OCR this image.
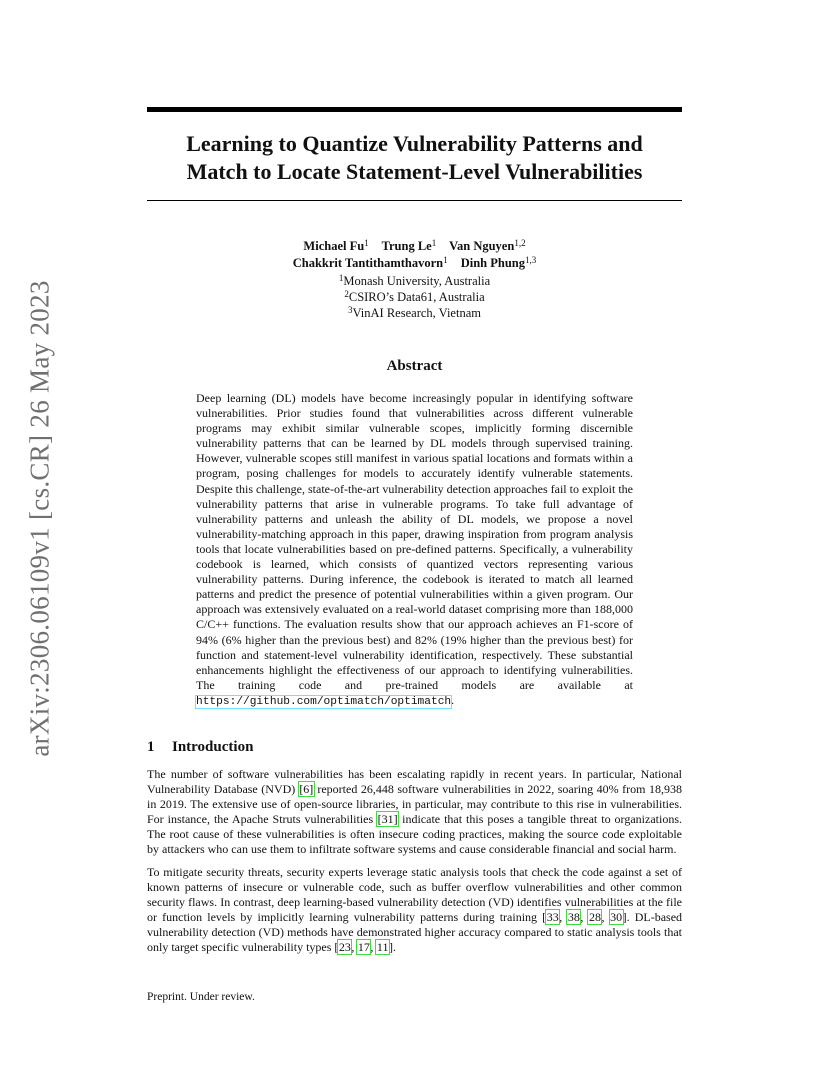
arXiv:2306.06109v1 [cs.CR] 26 May 2023
Learning to Quantize Vulnerability Patterns and
Match to Locate Statement-Level Vulnerabilities
Michael Fu$^1$ Trung Le$^1$ Van Nguyen$^{1,2}$
Chakkrit Tantithamthavorn$^1$ Dinh Phung$^{1,3}$
$^1$Monash University, Australia
$^2$CSIRO’s Data61, Australia
$^3$VinAI Research, Vietnam
Abstract

Deep learning (DL) models have become increasingly popular in identifying software vulnerabilities. Prior studies found that vulnerabilities across different vulnerable programs may exhibit similar vulnerable scopes, implicitly forming discernible vulnerability patterns that can be learned by DL models through supervised training. However, vulnerable scopes still manifest in various spatial locations and formats within a program, posing challenges for models to accurately identify vulnerable statements. Despite this challenge, state-of-the-art vulnerability detection approaches fail to exploit the vulnerability patterns that arise in vulnerable programs. To take full advantage of vulnerability patterns and unleash the ability of DL models, we propose a novel vulnerability-matching approach in this paper, drawing inspiration from program analysis tools that locate vulnerabilities based on pre-defined patterns. Specifically, a vulnerability codebook is learned, which consists of quantized vectors representing various vulnerability patterns. During inference, the codebook is iterated to match all learned patterns and predict the presence of potential vulnerabilities within a given program. Our approach was extensively evaluated on a real-world dataset comprising more than 188,000 C/C++ functions. The evaluation results show that our approach achieves an F1-score of 94% (6% higher than the previous best) and 82% (19% higher than the previous best) for function and statement-level vulnerability identification, respectively. These substantial enhancements highlight the effectiveness of our approach to identifying vulnerabilities. The training code and pre-trained models are available at https://github.com/optimatch/optimatch.

1 Introduction

The number of software vulnerabilities has been escalating rapidly in recent years. In particular, National Vulnerability Database (NVD) [6] reported 26,448 software vulnerabilities in 2022, soaring 40% from 18,938 in 2019. The extensive use of open-source libraries, in particular, may contribute to this rise in vulnerabilities. For instance, the Apache Struts vulnerabilities [31] indicate that this poses a tangible threat to organizations. The root cause of these vulnerabilities is often insecure coding practices, making the source code exploitable by attackers who can use them to infiltrate software systems and cause considerable financial and social harm.

To mitigate security threats, security experts leverage static analysis tools that check the code against a set of known patterns of insecure or vulnerable code, such as buffer overflow vulnerabilities and other common security flaws. In contrast, deep learning-based vulnerability detection (VD) identifies vulnerabilities at the file or function levels by implicitly learning vulnerability patterns during training [33, 38, 28, 30]. DL-based vulnerability detection (VD) methods have demonstrated higher accuracy compared to static analysis tools that only target specific vulnerability types [23, 17, 11].

Preprint. Under review.
